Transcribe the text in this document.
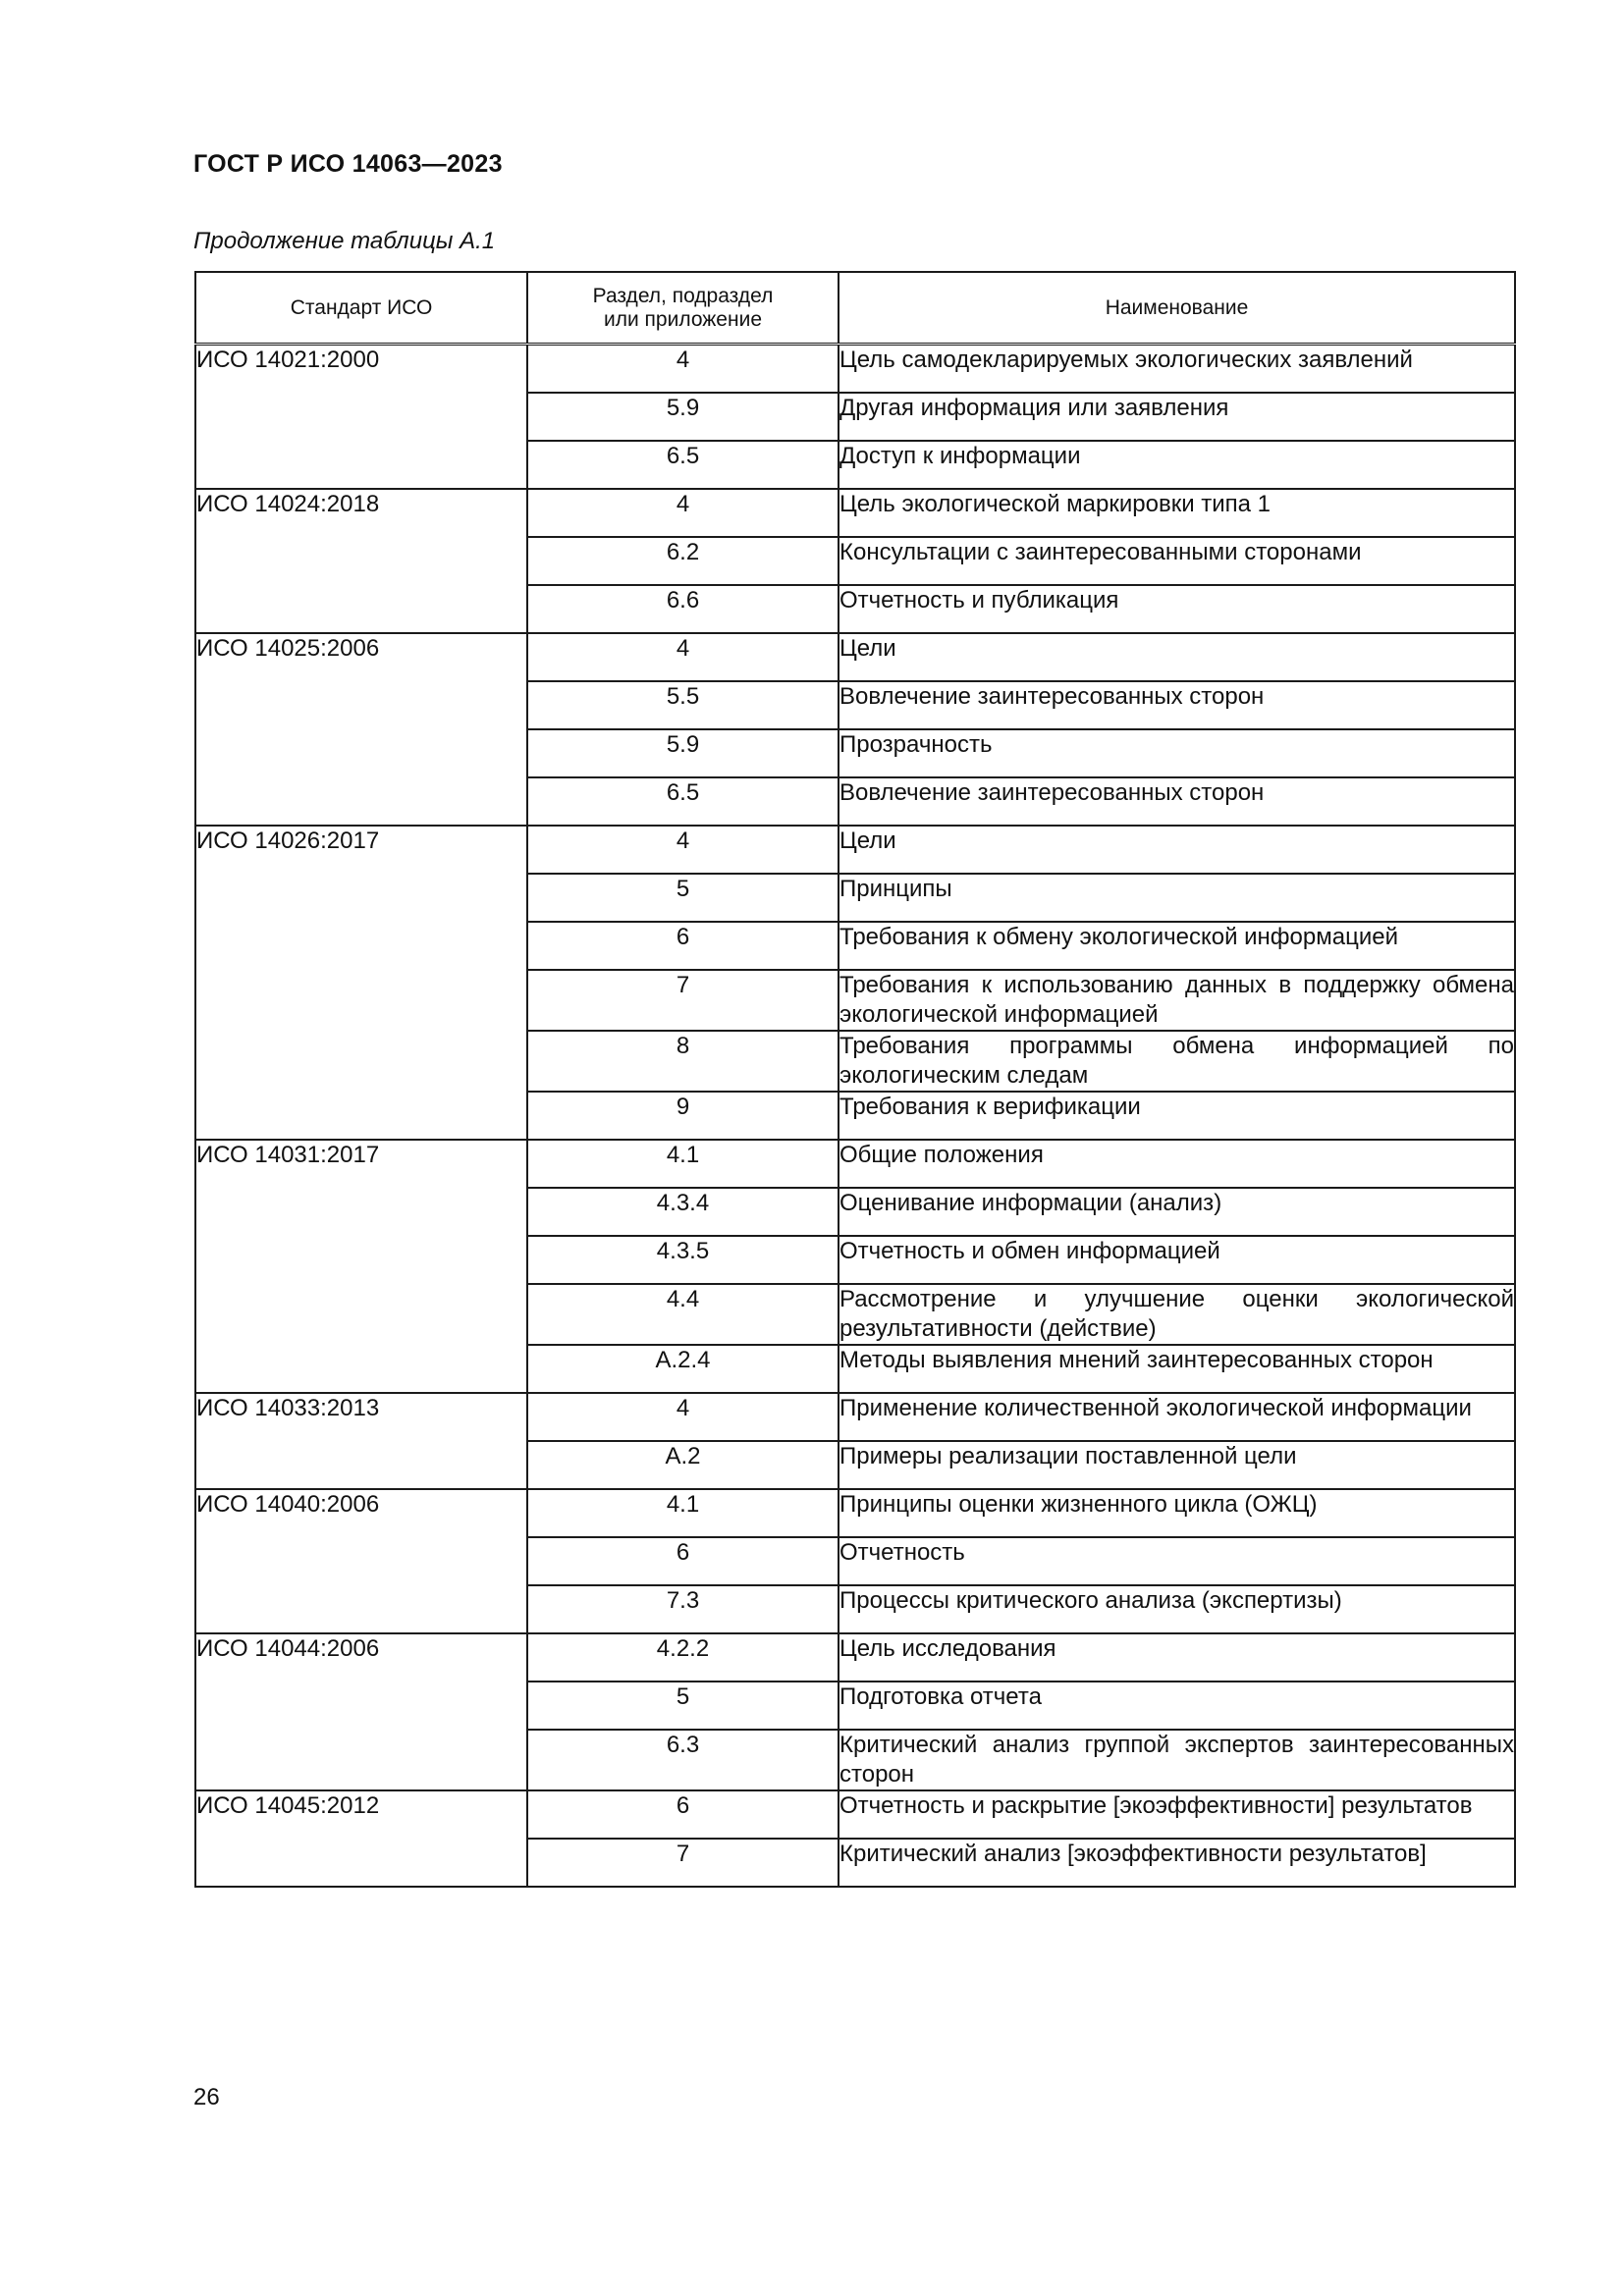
ГОСТ Р ИСО 14063—2023
Продолжение таблицы А.1
Стандарт ИСО	Раздел, подраздел или приложение	Наименование
ИСО 14021:2000	4	Цель самодекларируемых экологических заявлений
	5.9	Другая информация или заявления
	6.5	Доступ к информации
ИСО 14024:2018	4	Цель экологической маркировки типа 1
	6.2	Консультации с заинтересованными сторонами
	6.6	Отчетность и публикация
ИСО 14025:2006	4	Цели
	5.5	Вовлечение заинтересованных сторон
	5.9	Прозрачность
	6.5	Вовлечение заинтересованных сторон
ИСО 14026:2017	4	Цели
	5	Принципы
	6	Требования к обмену экологической информацией
	7	Требования к использованию данных в поддержку обмена экологической информацией
	8	Требования программы обмена информацией по экологическим следам
	9	Требования к верификации
ИСО 14031:2017	4.1	Общие положения
	4.3.4	Оценивание информации (анализ)
	4.3.5	Отчетность и обмен информацией
	4.4	Рассмотрение и улучшение оценки экологической результативности (действие)
	A.2.4	Методы выявления мнений заинтересованных сторон
ИСО 14033:2013	4	Применение количественной экологической информации
	A.2	Примеры реализации поставленной цели
ИСО 14040:2006	4.1	Принципы оценки жизненного цикла (ОЖЦ)
	6	Отчетность
	7.3	Процессы критического анализа (экспертизы)
ИСО 14044:2006	4.2.2	Цель исследования
	5	Подготовка отчета
	6.3	Критический анализ группой экспертов заинтересованных сторон
ИСО 14045:2012	6	Отчетность и раскрытие [экоэффективности] результатов
	7	Критический анализ [экоэффективности результатов]
26
